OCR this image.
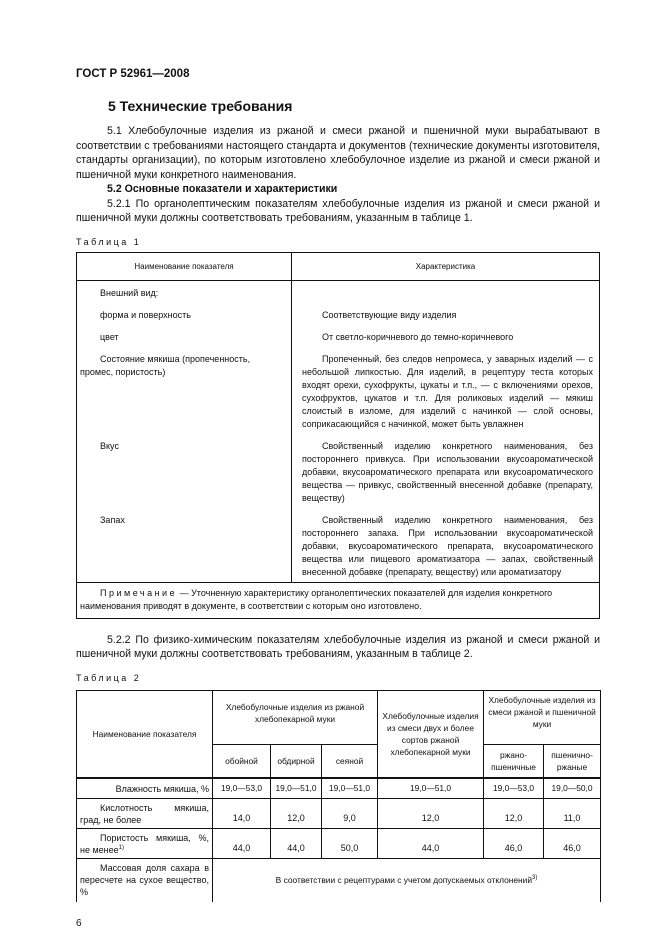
ГОСТ Р 52961—2008
5 Технические требования
5.1 Хлебобулочные изделия из ржаной и смеси ржаной и пшеничной муки вырабатывают в соответствии с требованиями настоящего стандарта и документов (технические документы изготовителя, стандарты организации), по которым изготовлено хлебобулочное изделие из ржаной и смеси ржаной и пшеничной муки конкретного наименования.
5.2 Основные показатели и характеристики
5.2.1 По органолептическим показателям хлебобулочные изделия из ржаной и смеси ржаной и пшеничной муки должны соответствовать требованиям, указанным в таблице 1.
Таблица 1
Наименование показателя	Характеристика
Внешний вид:	
форма и поверхность	Соответствующие виду изделия
цвет	От светло-коричневого до темно-коричневого
Состояние мякиша (пропеченность, промес, пористость)	Пропеченный, без следов непромеса, у заварных изделий — с небольшой липкостью. Для изделий, в рецептуру теста которых входят орехи, сухофрукты, цукаты и т.п., — с включениями орехов, сухофруктов, цукатов и т.п. Для роликовых изделий — мякиш слоистый в изломе, для изделий с начинкой — слой основы, соприкасающийся с начинкой, может быть увлажнен
Вкус	Свойственный изделию конкретного наименования, без постороннего привкуса. При использовании вкусоароматической добавки, вкусоароматического препарата или вкусоароматического вещества — привкус, свойственный внесенной добавке (препарату, веществу)
Запах	Свойственный изделию конкретного наименования, без постороннего запаха. При использовании вкусоароматической добавки, вкусоароматического препарата, вкусоароматического вещества или пищевого ароматизатора — запах, свойственный внесенной добавке (препарату, веществу) или ароматизатору
Примечание — Уточненную характеристику органолептических показателей для изделия конкретного наименования приводят в документе, в соответствии с которым оно изготовлено.	
5.2.2 По физико-химическим показателям хлебобулочные изделия из ржаной и смеси ржаной и пшеничной муки должны соответствовать требованиям, указанным в таблице 2.
Таблица 2
Наименование показателя	Хлебобулочные изделия из ржаной хлебопекарной муки			Хлебобулочные изделия из смеси двух и более сортов ржаной хлебопекарной муки	Хлебобулочные изделия из смеси ржаной и пшеничной муки	
	обойной	обдирной	сеяной		ржано-пшеничные	пшенично-ржаные
Влажность мякиша, %	19,0—53,0	19,0—51,0	19,0—51,0	19,0—51,0	19,0—53,0	19,0—50,0
Кислотность мякиша, град, не более	14,0	12,0	9,0	12,0	12,0	11,0
Пористость мякиша, %, не менее$^{1)}$	44,0	44,0	50,0	44,0	46,0	46,0
Массовая доля сахара в пересчете на сухое вещество, %	В соответствии с рецептурами с учетом допускаемых отклонений$^{3)}$
6
